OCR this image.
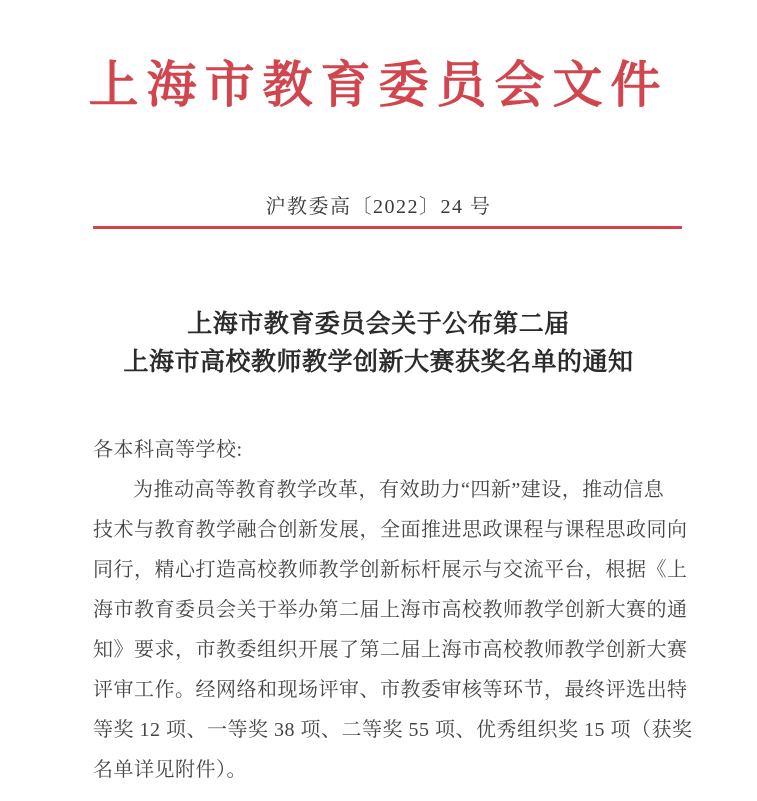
上海市教育委员会文件
沪教委高〔2022〕24 号
上海市教育委员会关于公布第二届
上海市高校教师教学创新大赛获奖名单的通知
各本科高等学校:
为推动高等教育教学改革，有效助力“四新”建设，推动信息
技术与教育教学融合创新发展，全面推进思政课程与课程思政同向
同行，精心打造高校教师教学创新标杆展示与交流平台，根据《上
海市教育委员会关于举办第二届上海市高校教师教学创新大赛的通
知》要求，市教委组织开展了第二届上海市高校教师教学创新大赛
评审工作。经网络和现场评审、市教委审核等环节，最终评选出特
等奖 12 项、一等奖 38 项、二等奖 55 项、优秀组织奖 15 项（获奖
名单详见附件）。
